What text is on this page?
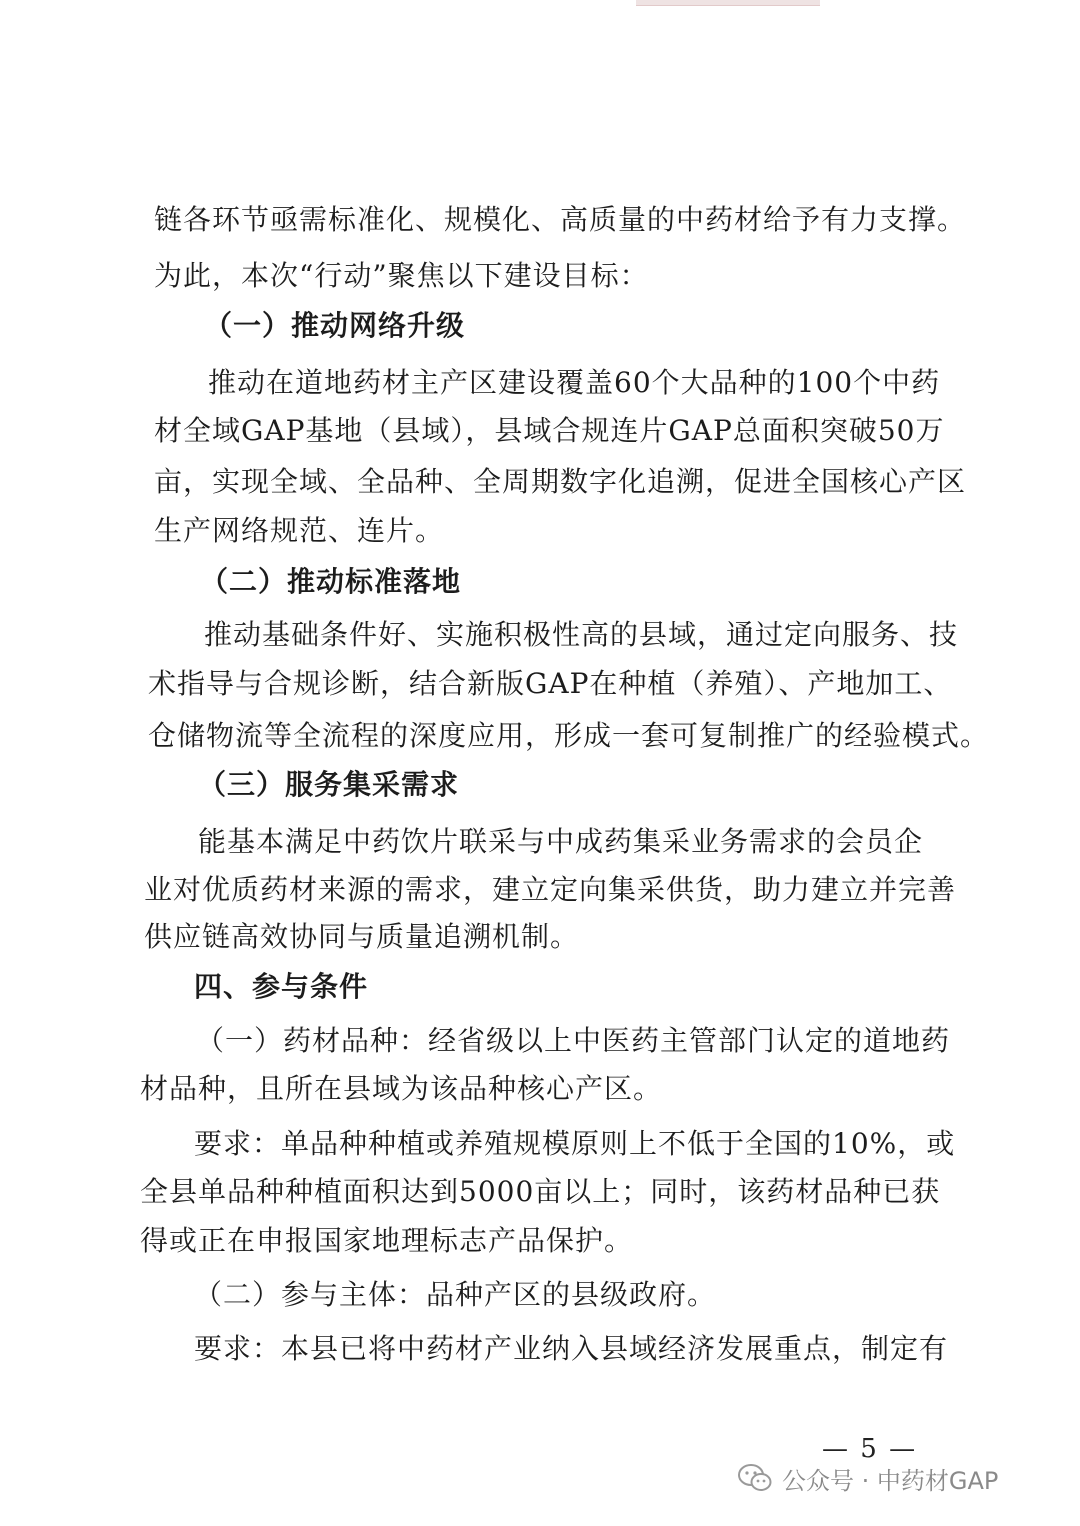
链各环节亟需标准化、规模化、高质量的中药材给予有力支撑。
为此，本次“行动”聚焦以下建设目标：
（一）推动网络升级
推动在道地药材主产区建设覆盖60个大品种的100个中药
材全域GAP基地（县域），县域合规连片GAP总面积突破50万
亩，实现全域、全品种、全周期数字化追溯，促进全国核心产区
生产网络规范、连片。
（二）推动标准落地
推动基础条件好、实施积极性高的县域，通过定向服务、技
术指导与合规诊断，结合新版GAP在种植（养殖）、产地加工、
仓储物流等全流程的深度应用，形成一套可复制推广的经验模式。
（三）服务集采需求
能基本满足中药饮片联采与中成药集采业务需求的会员企
业对优质药材来源的需求，建立定向集采供货，助力建立并完善
供应链高效协同与质量追溯机制。
四、参与条件
（一）药材品种：经省级以上中医药主管部门认定的道地药
材品种，且所在县域为该品种核心产区。
要求：单品种种植或养殖规模原则上不低于全国的10%，或
全县单品种种植面积达到5000亩以上；同时，该药材品种已获
得或正在申报国家地理标志产品保护。
（二）参与主体：品种产区的县级政府。
要求：本县已将中药材产业纳入县域经济发展重点，制定有
— 5 —
公众号 · 中药材GAP
